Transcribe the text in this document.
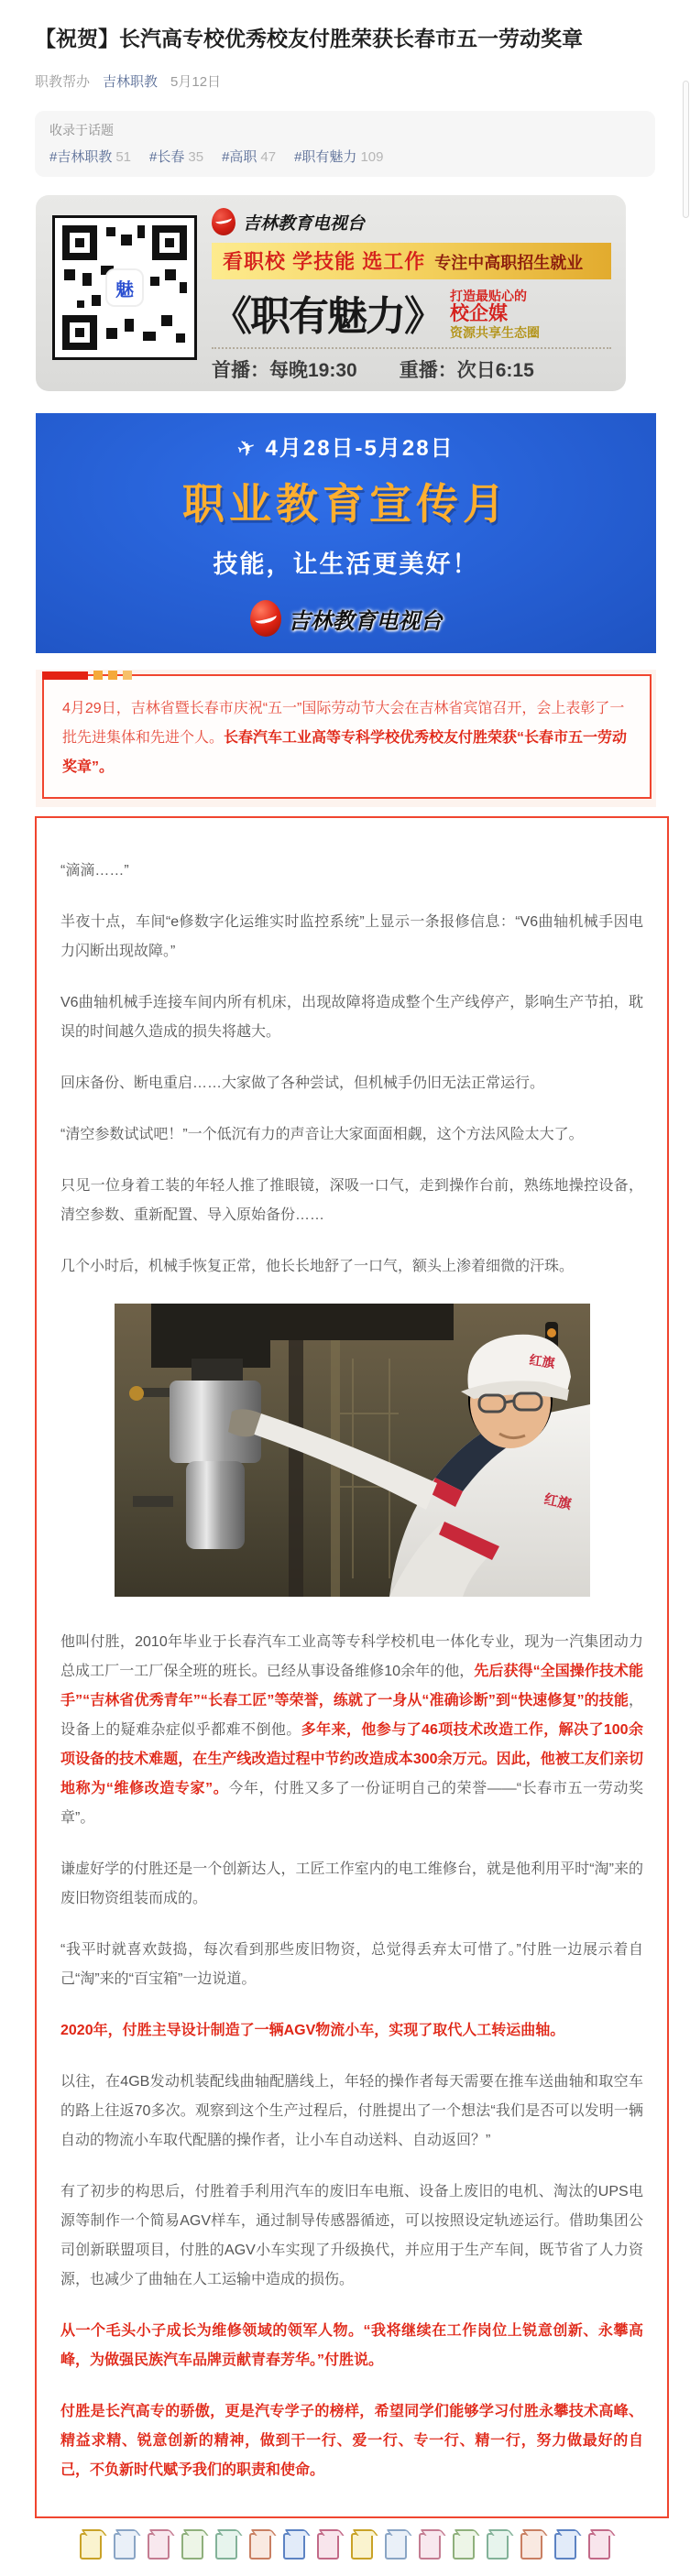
【祝贺】长汽高专校优秀校友付胜荣获长春市五一劳动奖章
职教帮办 吉林职教 5月12日
收录于话题
#吉林职教 51 #长春 35 #高职 47 #职有魅力 109
魅
吉林教育电视台
看职校 学技能 选工作 专注中高职招生就业
《职有魅力》 打造最贴心的
校企媒
资源共享生态圈
首播：每晚19:30 重播：次日6:15
✈ 4月28日-5月28日
职业教育宣传月
技能，让生活更美好！
吉林教育电视台

4月29日，吉林省暨长春市庆祝“五一”国际劳动节大会在吉林省宾馆召开，会上表彰了一批先进集体和先进个人。长春汽车工业高等专科学校优秀校友付胜荣获“长春市五一劳动奖章”。

“滴滴……”

半夜十点，车间“e修数字化运维实时监控系统”上显示一条报修信息：“V6曲轴机械手因电力闪断出现故障。”

V6曲轴机械手连接车间内所有机床，出现故障将造成整个生产线停产，影响生产节拍，耽误的时间越久造成的损失将越大。

回床备份、断电重启……大家做了各种尝试，但机械手仍旧无法正常运行。

“清空参数试试吧！”一个低沉有力的声音让大家面面相觑，这个方法风险太大了。

只见一位身着工装的年轻人推了推眼镜，深吸一口气，走到操作台前，熟练地操控设备，清空参数、重新配置、导入原始备份……

几个小时后，机械手恢复正常，他长长地舒了一口气，额头上渗着细微的汗珠。

红旗
红旗

他叫付胜，2010年毕业于长春汽车工业高等专科学校机电一体化专业，现为一汽集团动力总成工厂一工厂保全班的班长。已经从事设备维修10余年的他，先后获得“全国操作技术能手”“吉林省优秀青年”“长春工匠”等荣誉，练就了一身从“准确诊断”到“快速修复”的技能，设备上的疑难杂症似乎都难不倒他。多年来，他参与了46项技术改造工作，解决了100余项设备的技术难题，在生产线改造过程中节约改造成本300余万元。因此，他被工友们亲切地称为“维修改造专家”。今年，付胜又多了一份证明自己的荣誉——“长春市五一劳动奖章”。

谦虚好学的付胜还是一个创新达人，工匠工作室内的电工维修台，就是他利用平时“淘”来的废旧物资组装而成的。

“我平时就喜欢鼓捣，每次看到那些废旧物资，总觉得丢弃太可惜了。”付胜一边展示着自己“淘”来的“百宝箱”一边说道。

2020年，付胜主导设计制造了一辆AGV物流小车，实现了取代人工转运曲轴。

以往，在4GB发动机装配线曲轴配膳线上，年轻的操作者每天需要在推车送曲轴和取空车的路上往返70多次。观察到这个生产过程后，付胜提出了一个想法“我们是否可以发明一辆自动的物流小车取代配膳的操作者，让小车自动送料、自动返回？”

有了初步的构思后，付胜着手利用汽车的废旧车电瓶、设备上废旧的电机、淘汰的UPS电源等制作一个简易AGV样车，通过制导传感器循迹，可以按照设定轨迹运行。借助集团公司创新联盟项目，付胜的AGV小车实现了升级换代，并应用于生产车间，既节省了人力资源，也减少了曲轴在人工运输中造成的损伤。

从一个毛头小子成长为维修领域的领军人物。“我将继续在工作岗位上锐意创新、永攀高峰，为做强民族汽车品牌贡献青春芳华。”付胜说。

付胜是长汽高专的骄傲，更是汽专学子的榜样，希望同学们能够学习付胜永攀技术高峰、精益求精、锐意创新的精神，做到干一行、爱一行、专一行、精一行，努力做最好的自己，不负新时代赋予我们的职责和使命。
